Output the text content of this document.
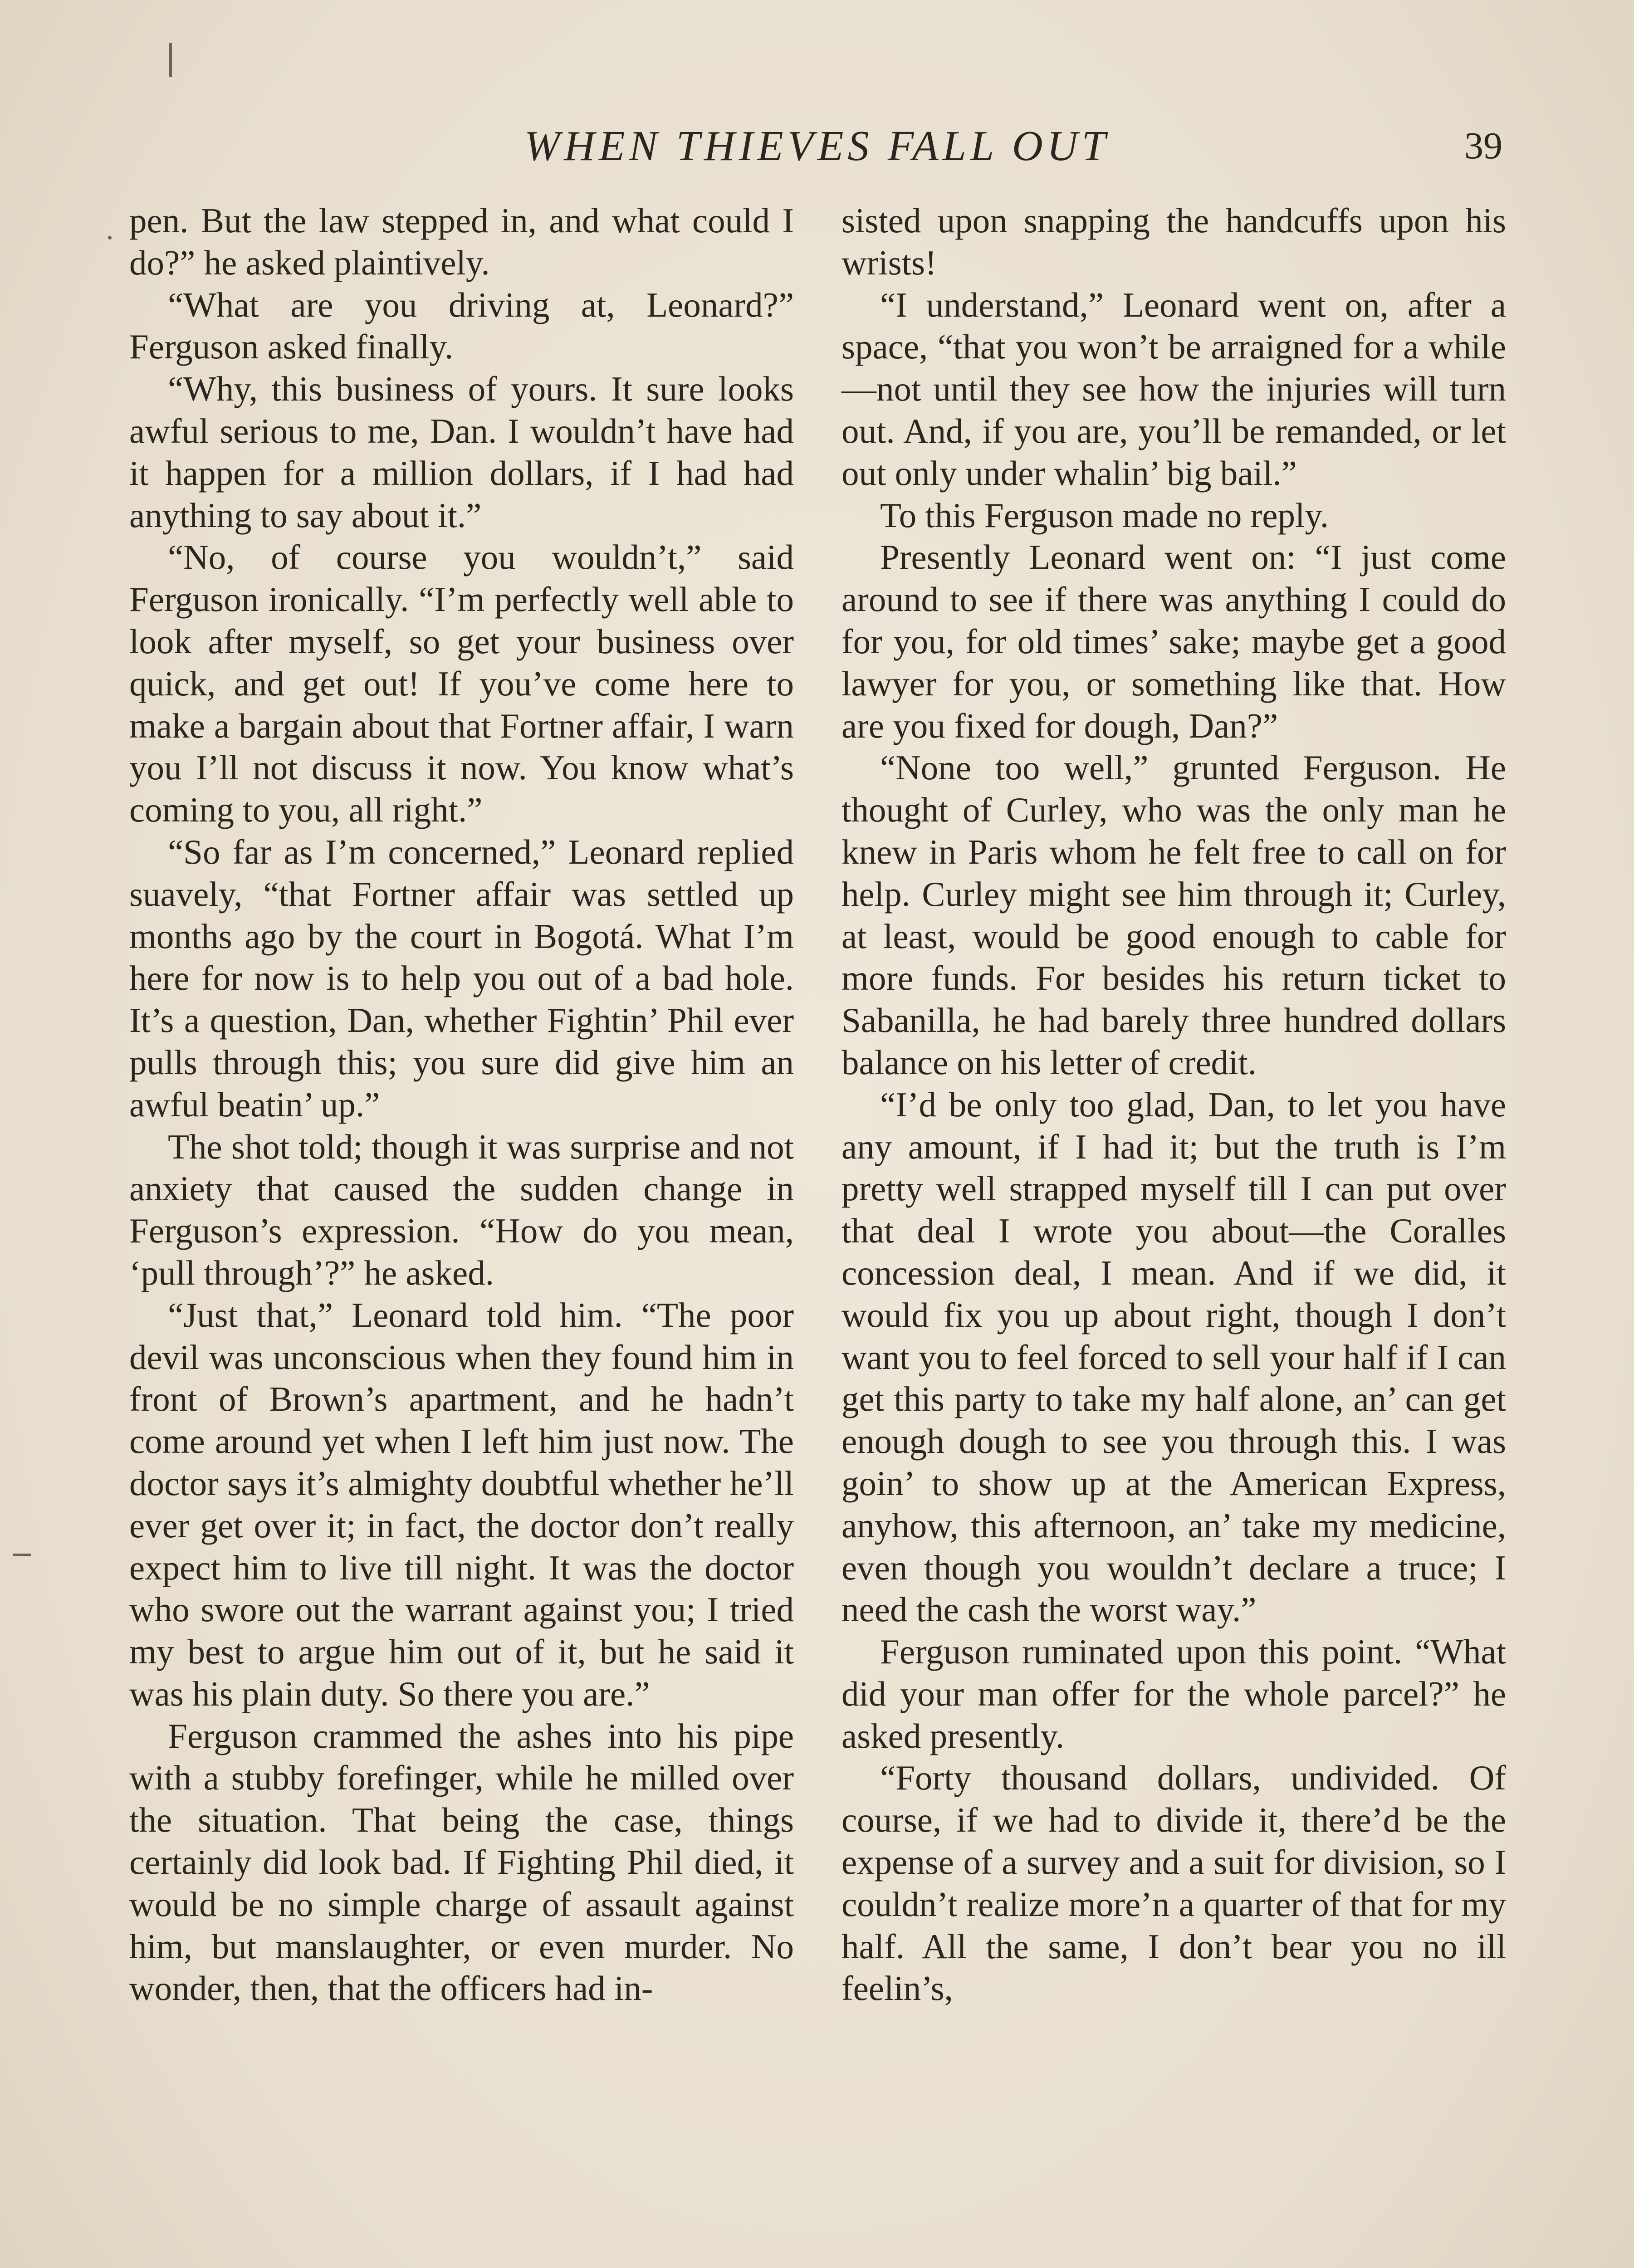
WHEN THIEVES FALL OUT	39

pen. But the law stepped in, and what could I do?” he asked plaintively.

“What are you driving at, Leonard?” Ferguson asked finally.

“Why, this business of yours. It sure looks awful serious to me, Dan. I wouldn’t have had it happen for a million dollars, if I had had anything to say about it.”

“No, of course you wouldn’t,” said Ferguson ironically. “I’m perfectly well able to look after myself, so get your business over quick, and get out! If you’ve come here to make a bargain about that Fortner affair, I warn you I’ll not discuss it now. You know what’s coming to you, all right.”

“So far as I’m concerned,” Leonard replied suavely, “that Fortner affair was settled up months ago by the court in Bogotá. What I’m here for now is to help you out of a bad hole. It’s a question, Dan, whether Fightin’ Phil ever pulls through this; you sure did give him an awful beatin’ up.”

The shot told; though it was surprise and not anxiety that caused the sudden change in Ferguson’s expression. “How do you mean, ‘pull through’?” he asked.

“Just that,” Leonard told him. “The poor devil was unconscious when they found him in front of Brown’s apartment, and he hadn’t come around yet when I left him just now. The doctor says it’s almighty doubtful whether he’ll ever get over it; in fact, the doctor don’t really expect him to live till night. It was the doctor who swore out the warrant against you; I tried my best to argue him out of it, but he said it was his plain duty. So there you are.”

Ferguson crammed the ashes into his pipe with a stubby forefinger, while he milled over the situation. That being the case, things certainly did look bad. If Fighting Phil died, it would be no simple charge of assault against him, but manslaughter, or even murder. No wonder, then, that the officers had in-

sisted upon snapping the handcuffs upon his wrists!

“I understand,” Leonard went on, after a space, “that you won’t be arraigned for a while—not until they see how the injuries will turn out. And, if you are, you’ll be remanded, or let out only under whalin’ big bail.”

To this Ferguson made no reply.

Presently Leonard went on: “I just come around to see if there was anything I could do for you, for old times’ sake; maybe get a good lawyer for you, or something like that. How are you fixed for dough, Dan?”

“None too well,” grunted Ferguson. He thought of Curley, who was the only man he knew in Paris whom he felt free to call on for help. Curley might see him through it; Curley, at least, would be good enough to cable for more funds. For besides his return ticket to Sabanilla, he had barely three hundred dollars balance on his letter of credit.

“I’d be only too glad, Dan, to let you have any amount, if I had it; but the truth is I’m pretty well strapped myself till I can put over that deal I wrote you about—the Coralles concession deal, I mean. And if we did, it would fix you up about right, though I don’t want you to feel forced to sell your half if I can get this party to take my half alone, an’ can get enough dough to see you through this. I was goin’ to show up at the American Express, anyhow, this afternoon, an’ take my medicine, even though you wouldn’t declare a truce; I need the cash the worst way.”

Ferguson ruminated upon this point. “What did your man offer for the whole parcel?” he asked presently.

“Forty thousand dollars, undivided. Of course, if we had to divide it, there’d be the expense of a survey and a suit for division, so I couldn’t realize more’n a quarter of that for my half. All the same, I don’t bear you no ill feelin’s,
